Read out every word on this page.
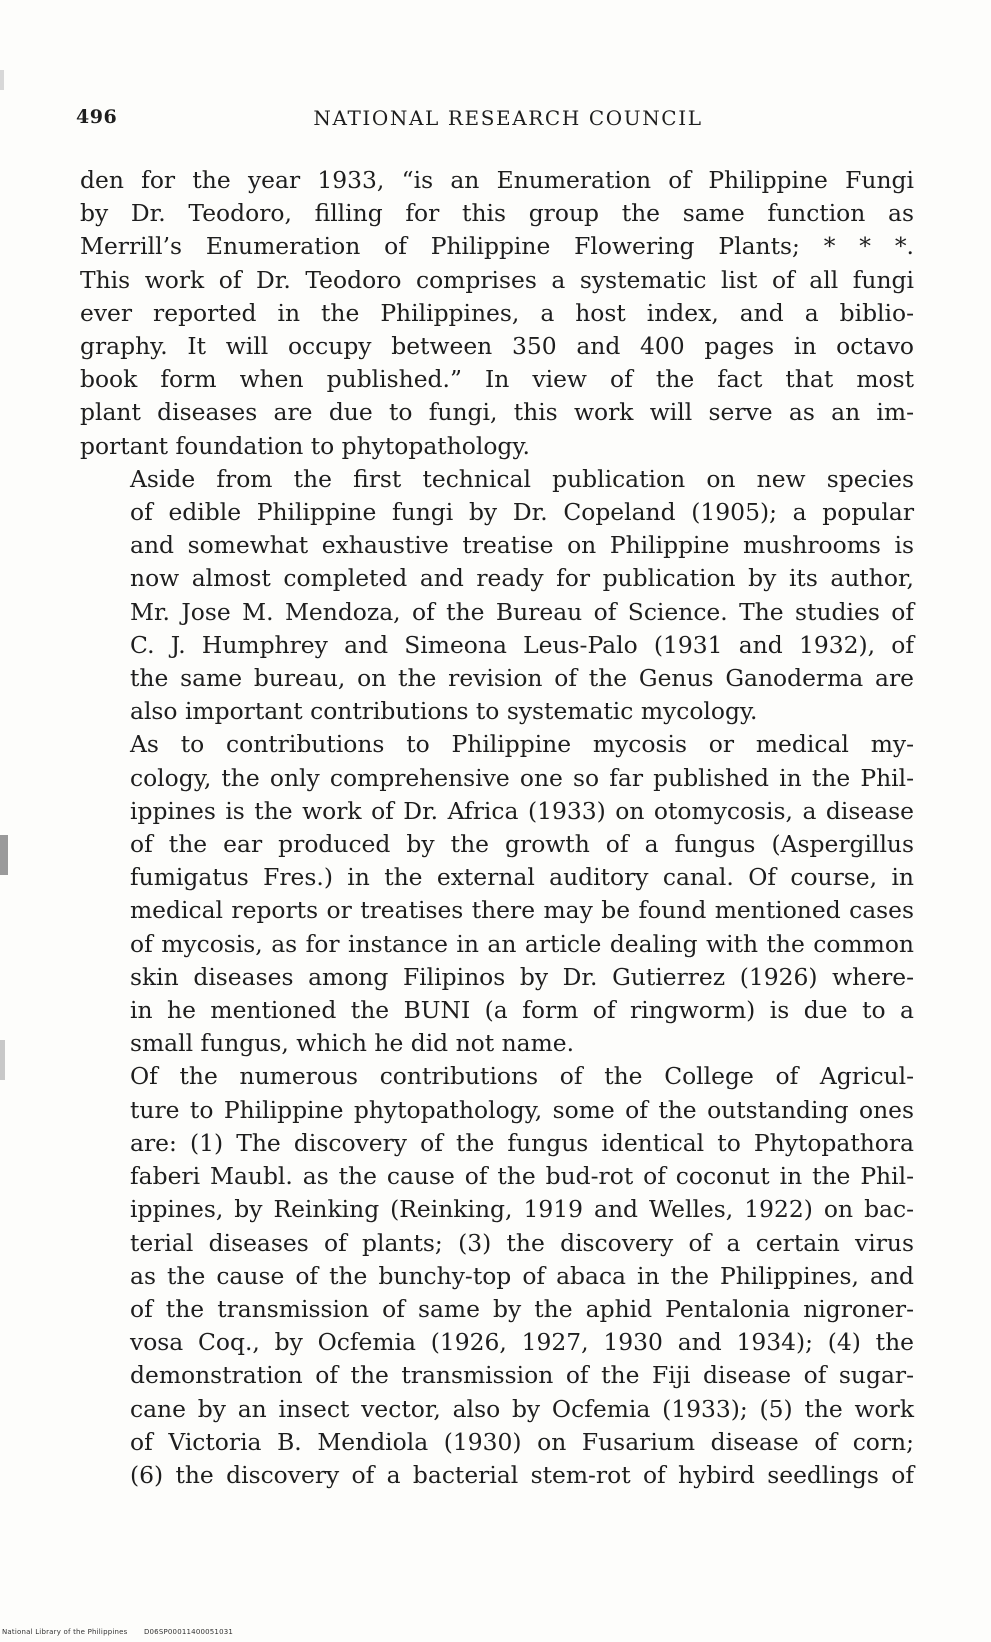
496	NATIONAL RESEARCH COUNCIL

den for the year 1933, “is an Enumeration of Philippine Fungi
by Dr. Teodoro, filling for this group the same function as
Merrill’s Enumeration of Philippine Flowering Plants; * * *.
This work of Dr. Teodoro comprises a systematic list of all fungi
ever reported in the Philippines, a host index, and a biblio-
graphy. It will occupy between 350 and 400 pages in octavo
book form when published.” In view of the fact that most
plant diseases are due to fungi, this work will serve as an im-
portant foundation to phytopathology.

Aside from the first technical publication on new species
of edible Philippine fungi by Dr. Copeland (1905); a popular
and somewhat exhaustive treatise on Philippine mushrooms is
now almost completed and ready for publication by its author,
Mr. Jose M. Mendoza, of the Bureau of Science. The studies of
C. J. Humphrey and Simeona Leus-Palo (1931 and 1932), of
the same bureau, on the revision of the Genus Ganoderma are
also important contributions to systematic mycology.

As to contributions to Philippine mycosis or medical my-
cology, the only comprehensive one so far published in the Phil-
ippines is the work of Dr. Africa (1933) on otomycosis, a disease
of the ear produced by the growth of a fungus (Aspergillus
fumigatus Fres.) in the external auditory canal. Of course, in
medical reports or treatises there may be found mentioned cases
of mycosis, as for instance in an article dealing with the common
skin diseases among Filipinos by Dr. Gutierrez (1926) where-
in he mentioned the BUNI (a form of ringworm) is due to a
small fungus, which he did not name.

Of the numerous contributions of the College of Agricul-
ture to Philippine phytopathology, some of the outstanding ones
are: (1) The discovery of the fungus identical to Phytopathora
faberi Maubl. as the cause of the bud-rot of coconut in the Phil-
ippines, by Reinking (Reinking, 1919 and Welles, 1922) on bac-
terial diseases of plants; (3) the discovery of a certain virus
as the cause of the bunchy-top of abaca in the Philippines, and
of the transmission of same by the aphid Pentalonia nigroner-
vosa Coq., by Ocfemia (1926, 1927, 1930 and 1934); (4) the
demonstration of the transmission of the Fiji disease of sugar-
cane by an insect vector, also by Ocfemia (1933); (5) the work
of Victoria B. Mendiola (1930) on Fusarium disease of corn;
(6) the discovery of a bacterial stem-rot of hybird seedlings of

National Library of the Philippines D06SP00011400051031
